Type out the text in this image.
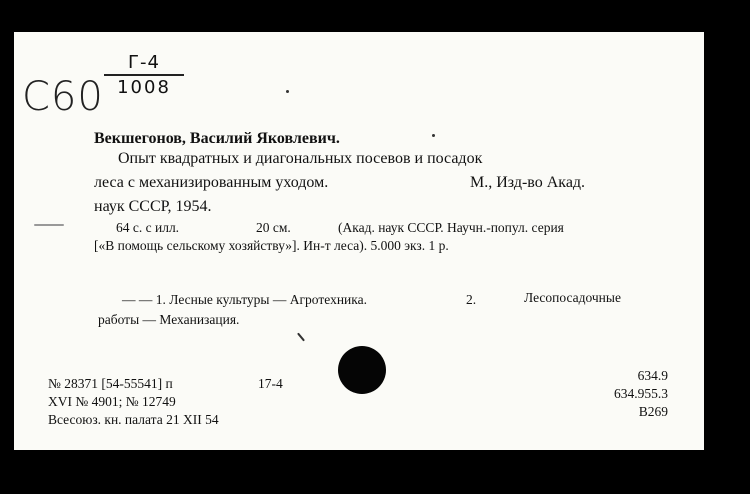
С60
Г-4
1008
Векшегонов, Василий Яковлевич.
Опыт квадратных и диагональных посевов и посадок
леса с механизированным уходом.	М., Изд-во Акад.
наук СССР, 1954.
64 с. с илл.	20 см.	(Акад. наук СССР. Научн.-попул. серия
[«В помощь сельскому хозяйству»]. Ин-т леса). 5.000 экз. 1 р.
— — 1. Лесные культуры — Агротехника.	2.	Лесопосадочные
работы — Механизация.
№ 28371 [54-55541] п	17-4
XVI № 4901; № 12749
Всесоюз. кн. палата 21 XII 54
634.9
634.955.3
В269
